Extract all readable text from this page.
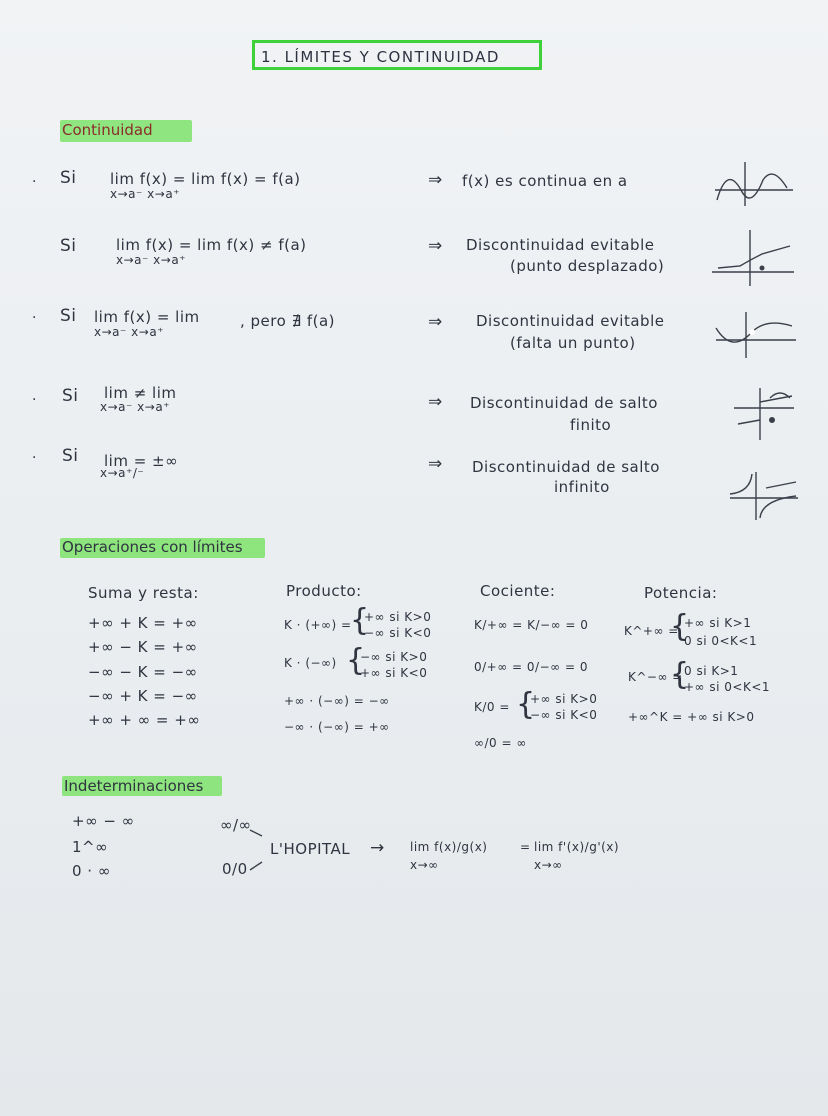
1. LÍMITES Y CONTINUIDAD
Continuidad
· Si lim f(x) = lim f(x) = f(a)
x→a⁻ x→a⁺
⇒ f(x) es continua en a
Si	lim f(x) = lim f(x) ≠ f(a)
x→a⁻ x→a⁺
⇒ Discontinuidad evitable
(punto desplazado)
· Si lim f(x) = lim
x→a⁻ x→a⁺
, pero ∄ f(a)	⇒ Discontinuidad evitable
(falta un punto)
· Si lim ≠ lim
x→a⁻ x→a⁺	⇒ Discontinuidad de salto
finito
· Si lim = ±∞
x→a⁺/⁻	⇒ Discontinuidad de salto
infinito
Operaciones con límites
Suma y resta:
+∞ + K = +∞
+∞ − K = +∞
−∞ − K = −∞
−∞ + K = −∞
+∞ + ∞ = +∞
Producto:
K · (+∞) =
{
+∞ si K>0
−∞ si K<0
K · (−∞) {
−∞ si K>0
+∞ si K<0
+∞ · (−∞) = −∞
−∞ · (−∞) = +∞
Cociente:
K/+∞ = K/−∞ = 0
0/+∞ = 0/−∞ = 0
K/0 = {
+∞ si K>0
−∞ si K<0
∞/0 = ∞
Potencia:
K^+∞ =
{
+∞ si K>1
0 si 0<K<1
K^−∞ =
{
0 si K>1
+∞ si 0<K<1
+∞^K = +∞ si K>0
Indeterminaciones
+∞ − ∞
1^∞
0 · ∞
∞/∞
0/0
L'HOPITAL → lim f(x)/g(x)
x→∞
= lim f'(x)/g'(x)
x→∞
